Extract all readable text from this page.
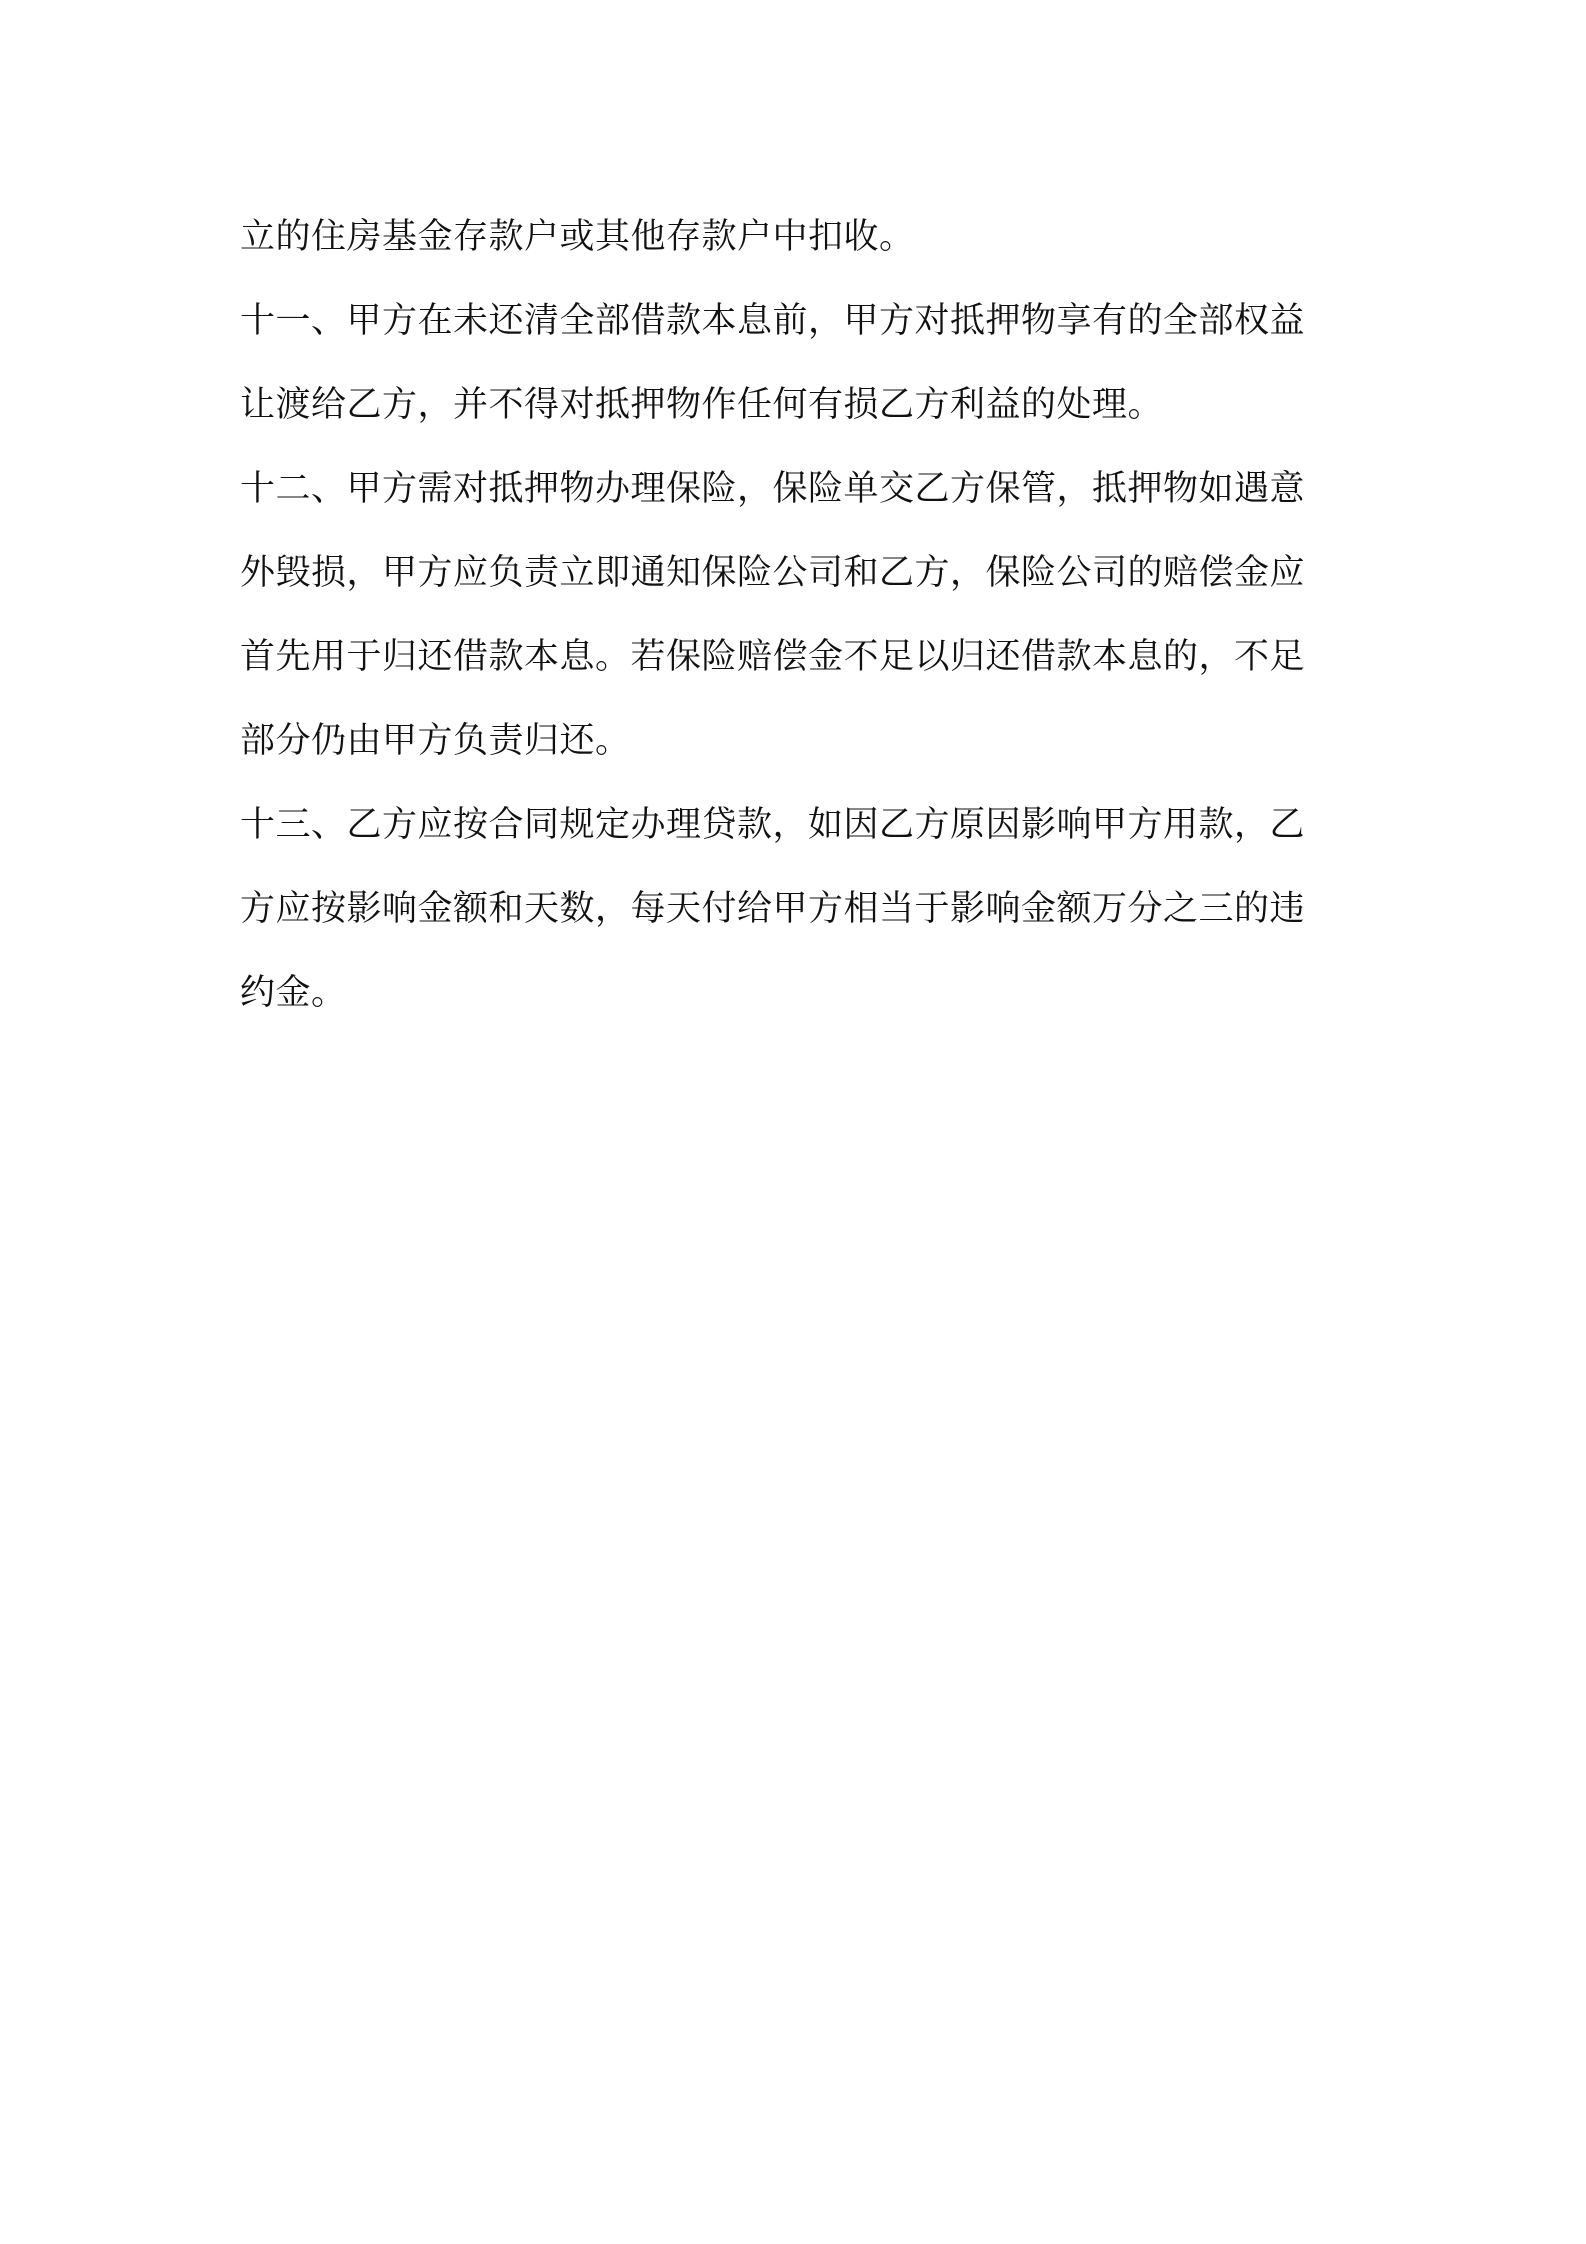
立的住房基金存款户或其他存款户中扣收。
十一、甲方在未还清全部借款本息前，甲方对抵押物享有的全部权益
让渡给乙方，并不得对抵押物作任何有损乙方利益的处理。
十二、甲方需对抵押物办理保险，保险单交乙方保管，抵押物如遇意
外毁损，甲方应负责立即通知保险公司和乙方，保险公司的赔偿金应
首先用于归还借款本息。若保险赔偿金不足以归还借款本息的，不足
部分仍由甲方负责归还。
十三、乙方应按合同规定办理贷款，如因乙方原因影响甲方用款，乙
方应按影响金额和天数，每天付给甲方相当于影响金额万分之三的违
约金。
